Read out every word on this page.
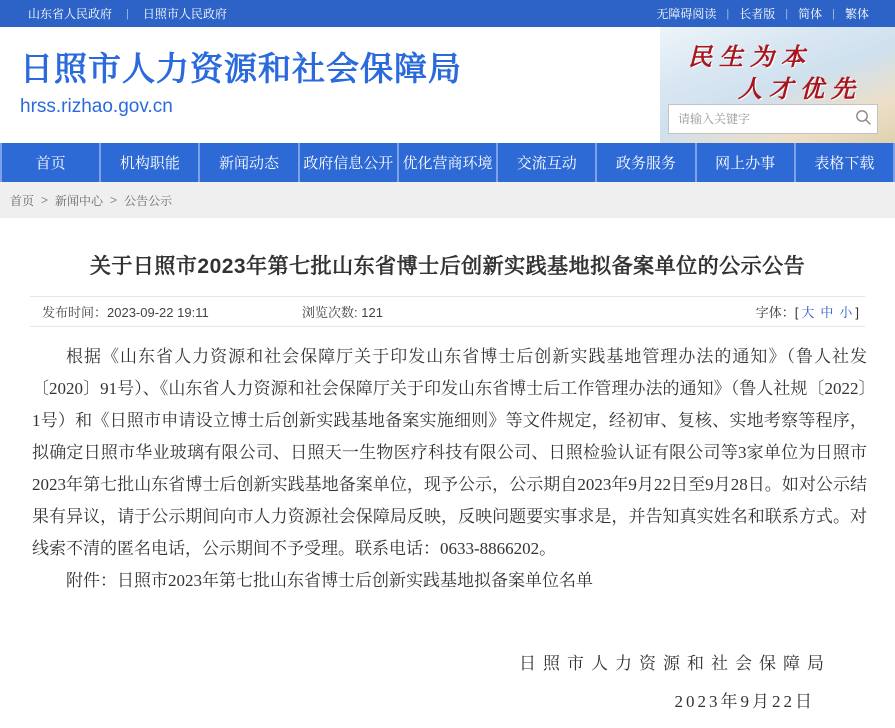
山东省人民政府 | 日照市人民政府	无障碍阅读 | 长者版 | 简体 | 繁体
日照市人力资源和社会保障局
hrss.rizhao.gov.cn
民生为本
人才优先
请输入关键字
首页	机构职能	新闻动态	政府信息公开 优化营商环境	交流互动	政务服务	网上办事	表格下载
首页 > 新闻中心 > 公告公示
关于日照市2023年第七批山东省博士后创新实践基地拟备案单位的公示公告
发布时间：2023-09-22 19:11	浏览次数: 121	字体：[ 大 中 小 ]

根据《山东省人力资源和社会保障厅关于印发山东省博士后创新实践基地管理办法的通知》（鲁人社发〔2020〕91号）、《山东省人力资源和社会保障厅关于印发山东省博士后工作管理办法的通知》（鲁人社规〔2022〕1号）和《日照市申请设立博士后创新实践基地备案实施细则》等文件规定，经初审、复核、实地考察等程序，拟确定日照市华业玻璃有限公司、日照天一生物医疗科技有限公司、日照检验认证有限公司等3家单位为日照市2023年第七批山东省博士后创新实践基地备案单位，现予公示，公示期自2023年9月22日至9月28日。如对公示结果有异议，请于公示期间向市人力资源社会保障局反映，反映问题要实事求是，并告知真实姓名和联系方式。对线索不清的匿名电话，公示期间不予受理。联系电话：0633-8866202。

附件：日照市2023年第七批山东省博士后创新实践基地拟备案单位名单

日照市人力资源和社会保障局
2023年9月22日
